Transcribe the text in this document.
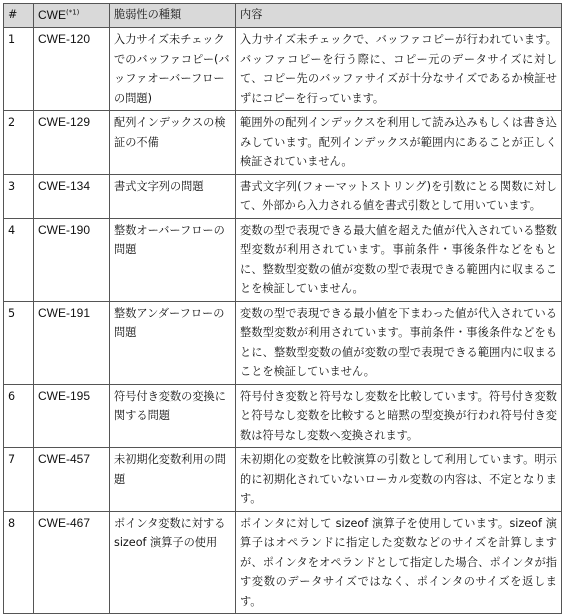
#	$CWE^{(*1)}$	脆弱性の種類	内容
1	CWE-120	入力サイズ未チェックでのバッファコピー(バッファオーバーフローの問題)	入力サイズ未チェックで、バッファコピーが行われています。バッファコピーを行う際に、コピー元のデータサイズに対して、コピー先のバッファサイズが十分なサイズであるか検証せずにコピーを行っています。
2	CWE-129	配列インデックスの検証の不備	範囲外の配列インデックスを利用して読み込みもしくは書き込みしています。配列インデックスが範囲内にあることが正しく検証されていません。
3	CWE-134	書式文字列の問題	書式文字列(フォーマットストリング)を引数にとる関数に対して、外部から入力される値を書式引数として用いています。
4	CWE-190	整数オーバーフローの問題	変数の型で表現できる最大値を超えた値が代入されている整数型変数が利用されています。事前条件・事後条件などをもとに、整数型変数の値が変数の型で表現できる範囲内に収まることを検証していません。
5	CWE-191	整数アンダーフローの問題	変数の型で表現できる最小値を下まわった値が代入されている整数型変数が利用されています。事前条件・事後条件などをもとに、整数型変数の値が変数の型で表現できる範囲内に収まることを検証していません。
6	CWE-195	符号付き変数の変換に関する問題	符号付き変数と符号なし変数を比較しています。符号付き変数と符号なし変数を比較すると暗黙の型変換が行われ符号付き変数は符号なし変数へ変換されます。
7	CWE-457	未初期化変数利用の問題	未初期化の変数を比較演算の引数として利用しています。明示的に初期化されていないローカル変数の内容は、不定となります。
8	CWE-467	ポインタ変数に対するsizeof 演算子の使用	ポインタに対して sizeof 演算子を使用しています。sizeof 演算子はオペランドに指定した変数などのサイズを計算しますが、ポインタをオペランドとして指定した場合、ポインタが指す変数のデータサイズではなく、ポインタのサイズを返します。
